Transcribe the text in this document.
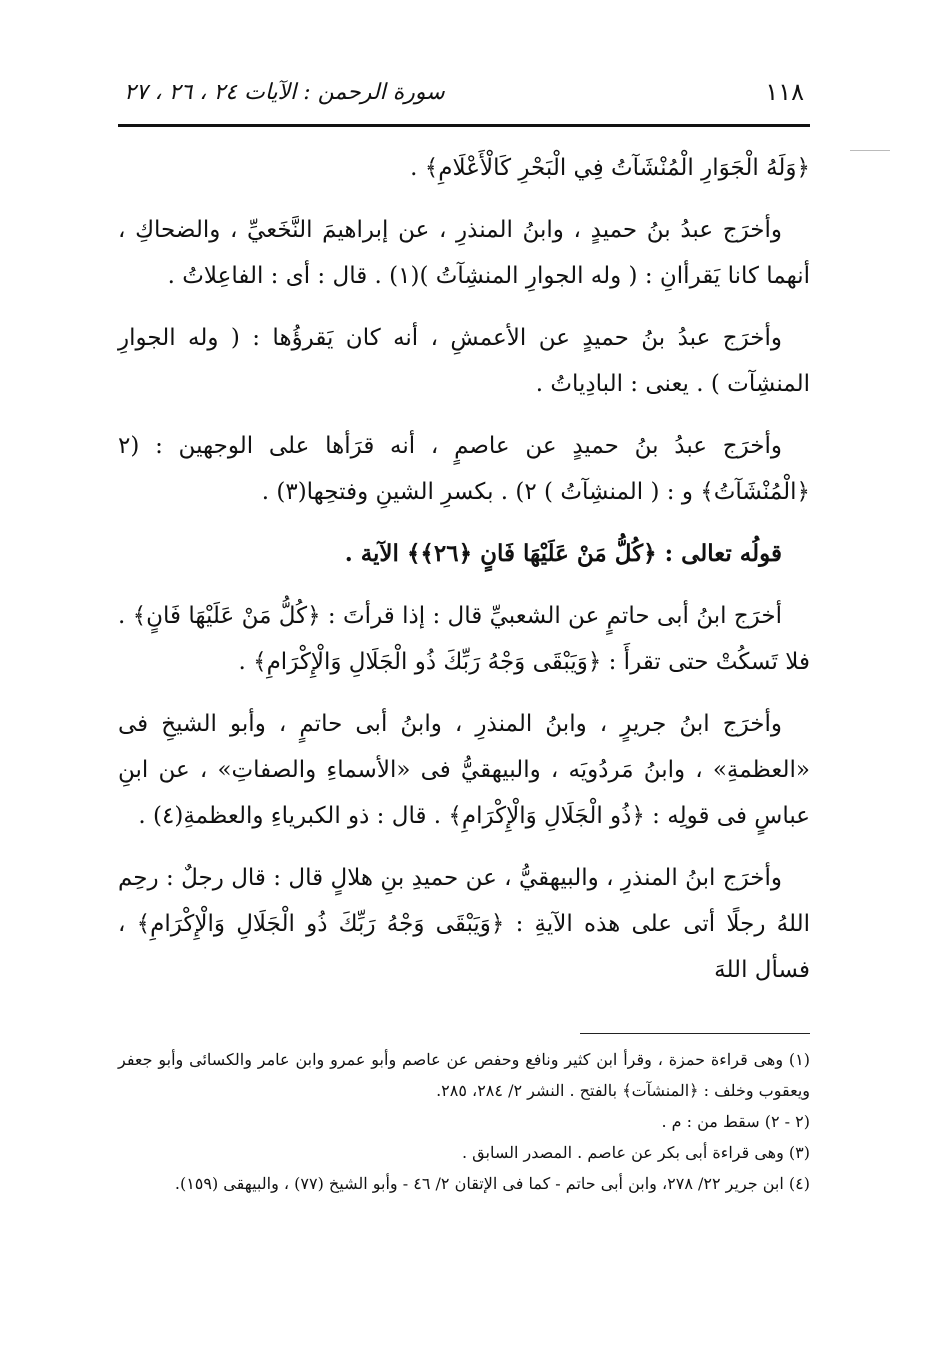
١١٨
سورة الرحمن : الآيات ٢٤ ، ٢٦ ، ٢٧

﴿وَلَهُ الْجَوَارِ الْمُنْشَآتُ فِي الْبَحْرِ كَالْأَعْلَامِ﴾ .

وأخرَج عبدُ بنُ حميدٍ ، وابنُ المنذرِ ، عن إبراهيمَ النَّخَعيِّ ، والضحاكِ ، أنهما كانا يَقرأانِ : ( وله الجوارِ المنشِآتُ )(١) . قال : أى : الفاعِلاتُ .

وأخرَج عبدُ بنُ حميدٍ عن الأعمشِ ، أنه كان يَقرؤُها : ( وله الجوارِ المنشِآت ) . يعنى : البادِياتُ .

وأخرَج عبدُ بنُ حميدٍ عن عاصمٍ ، أنه قرَأها على الوجهين : (٢ ﴿الْمُنْشَآتُ﴾ و : ( المنشِآتُ ) ٢) . بكسرِ الشينِ وفتحِها(٣) .

قولُه تعالى : ﴿كُلُّ مَنْ عَلَيْهَا فَانٍ ﴿٢٦﴾﴾ الآية .

أخرَج ابنُ أبى حاتمٍ عن الشعبيِّ قال : إذا قرأتَ : ﴿كُلُّ مَنْ عَلَيْهَا فَانٍ﴾ . فلا تَسكُتْ حتى تقرأَ : ﴿وَيَبْقَى وَجْهُ رَبِّكَ ذُو الْجَلَالِ وَالْإِكْرَامِ﴾ .

وأخرَج ابنُ جريرٍ ، وابنُ المنذرِ ، وابنُ أبى حاتمٍ ، وأبو الشيخِ فى «العظمةِ» ، وابنُ مَردُويَه ، والبيهقيُّ فى «الأسماءِ والصفاتِ» ، عن ابنِ عباسٍ فى قولِه : ﴿ذُو الْجَلَالِ وَالْإِكْرَامِ﴾ . قال : ذو الكبرياءِ والعظمةِ(٤) .

وأخرَج ابنُ المنذرِ ، والبيهقيُّ ، عن حميدِ بنِ هلالٍ قال : قال رجلٌ : رحِم اللهُ رجلًا أتى على هذه الآيةِ : ﴿وَيَبْقَى وَجْهُ رَبِّكَ ذُو الْجَلَالِ وَالْإِكْرَامِ﴾ ، فسأل اللهَ

(١) وهى قراءة حمزة ، وقرأ ابن كثير ونافع وحفص عن عاصم وأبو عمرو وابن عامر والكسائى وأبو جعفر ويعقوب وخلف : ﴿المنشآت﴾ بالفتح . النشر ٢/ ٢٨٤، ٢٨٥.

(٢ - ٢) سقط من : م .

(٣) وهى قراءة أبى بكر عن عاصم . المصدر السابق .

(٤) ابن جرير ٢٢/ ٢٧٨، وابن أبى حاتم - كما فى الإتقان ٢/ ٤٦ - وأبو الشيخ (٧٧) ، والبيهقى (١٥٩).
